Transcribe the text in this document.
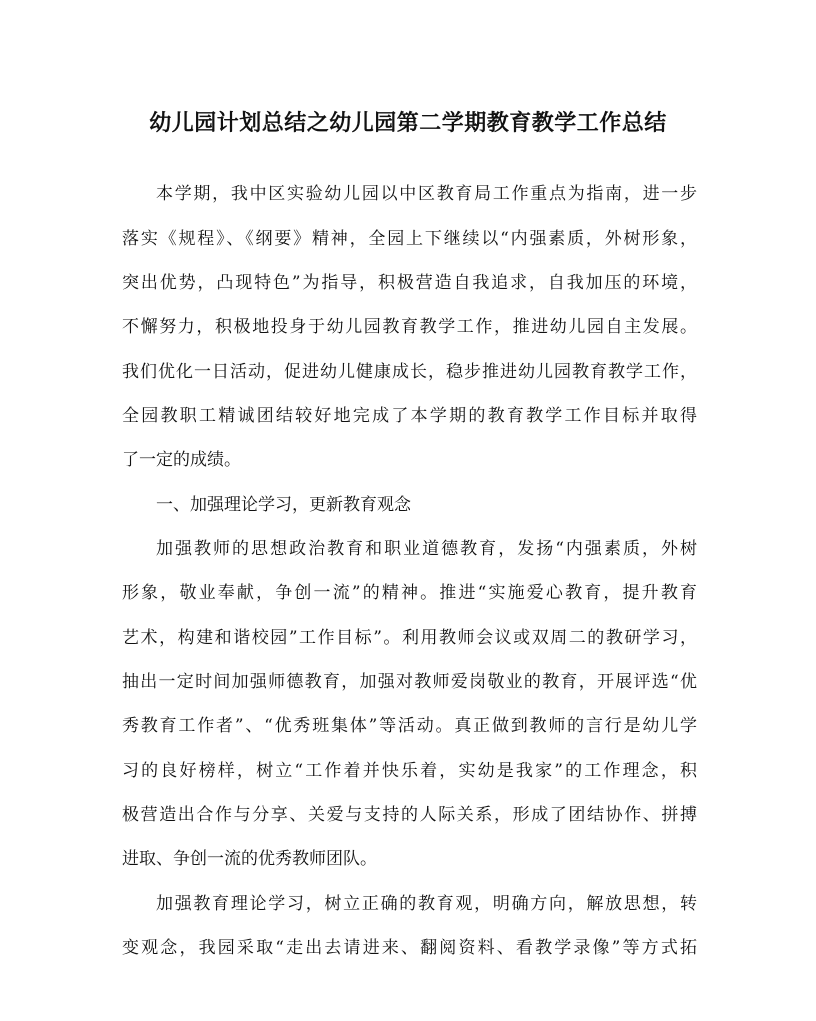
幼儿园计划总结之幼儿园第二学期教育教学工作总结
本学期，我中区实验幼儿园以中区教育局工作重点为指南，进一步
落实《规程》、《纲要》精神，全园上下继续以“内强素质，外树形象，
突出优势，凸现特色”为指导，积极营造自我追求，自我加压的环境，
不懈努力，积极地投身于幼儿园教育教学工作，推进幼儿园自主发展。
我们优化一日活动，促进幼儿健康成长，稳步推进幼儿园教育教学工作，
全园教职工精诚团结较好地完成了本学期的教育教学工作目标并取得
了一定的成绩。
一、加强理论学习，更新教育观念
加强教师的思想政治教育和职业道德教育，发扬“内强素质，外树
形象，敬业奉献，争创一流”的精神。推进“实施爱心教育，提升教育
艺术，构建和谐校园”工作目标”。利用教师会议或双周二的教研学习，
抽出一定时间加强师德教育，加强对教师爱岗敬业的教育，开展评选“优
秀教育工作者”、“优秀班集体”等活动。真正做到教师的言行是幼儿学
习的良好榜样，树立“工作着并快乐着，实幼是我家”的工作理念，积
极营造出合作与分享、关爱与支持的人际关系，形成了团结协作、拼搏
进取、争创一流的优秀教师团队。
加强教育理论学习，树立正确的教育观，明确方向，解放思想，转
变观念，我园采取“走出去请进来、翻阅资料、看教学录像”等方式拓
